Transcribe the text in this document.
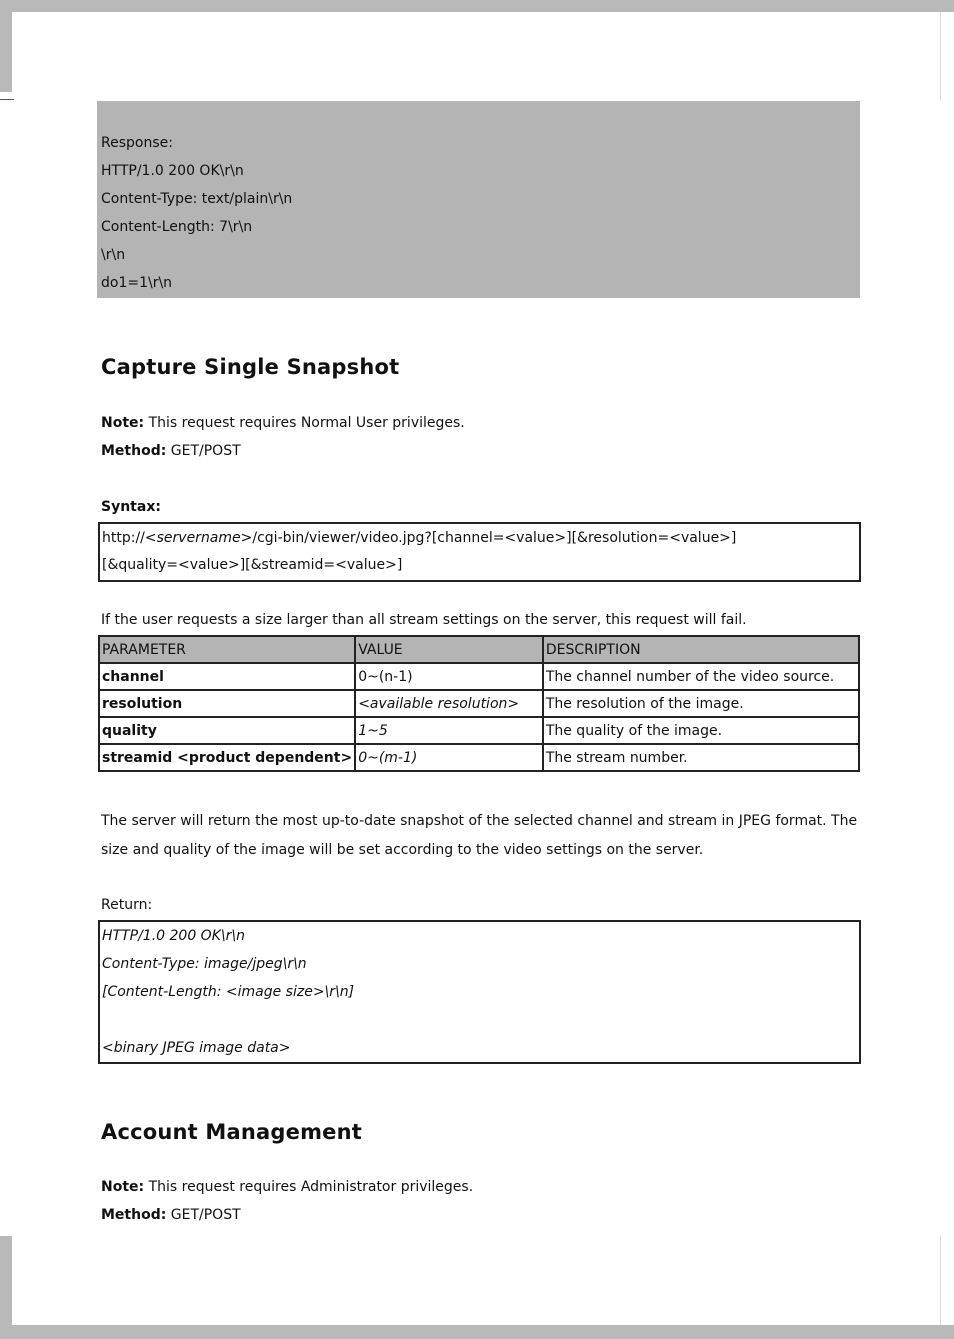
Response:
HTTP/1.0 200 OK\r\n
Content-Type: text/plain\r\n
Content-Length: 7\r\n
\r\n
do1=1\r\n
Capture Single Snapshot
Note: This request requires Normal User privileges.
Method: GET/POST
Syntax:
http://<servername>/cgi-bin/viewer/video.jpg?[channel=<value>][&resolution=<value>]
[&quality=<value>][&streamid=<value>]
If the user requests a size larger than all stream settings on the server, this request will fail.
PARAMETER	VALUE	DESCRIPTION
channel	0~(n-1)	The channel number of the video source.
resolution	<available resolution>	The resolution of the image.
quality	1~5	The quality of the image.
streamid <product dependent>	0~(m-1)	The stream number.
The server will return the most up-to-date snapshot of the selected channel and stream in JPEG format. The
size and quality of the image will be set according to the video settings on the server.
Return:
HTTP/1.0 200 OK\r\n
Content-Type: image/jpeg\r\n
[Content-Length: <image size>\r\n]
<binary JPEG image data>
Account Management
Note: This request requires Administrator privileges.
Method: GET/POST
